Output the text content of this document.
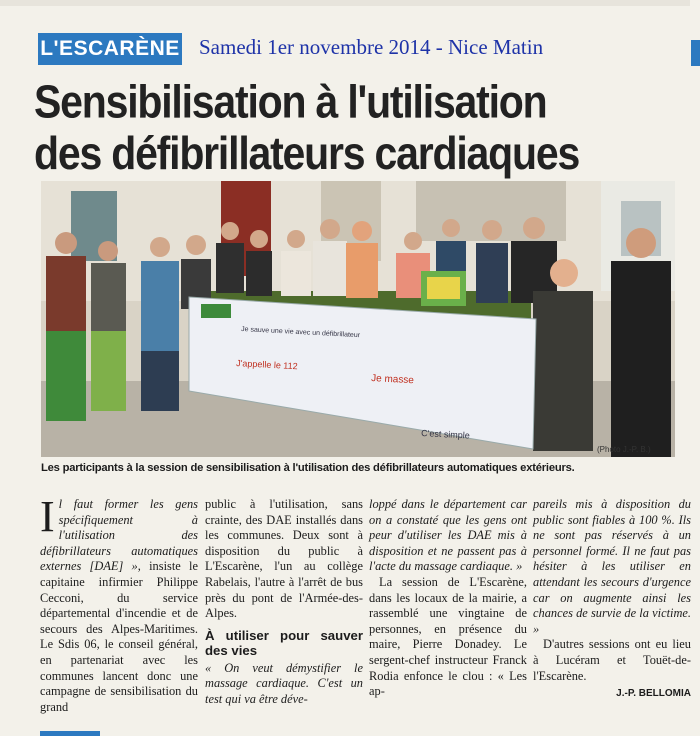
L'ESCARÈNE Samedi 1er novembre 2014 - Nice Matin
Sensibilisation à l'utilisation
des défibrillateurs cardiaques
Je sauve une vie avec un défibrillateur
J'appelle le 112
Je masse
C'est simple
(Photo J.-P. B.)
Les participants à la session de sensibilisation à l'utilisation des défibrillateurs automatiques extérieurs.

Il faut former les gens spécifiquement à l'utilisation des défibrillateurs automatiques externes [DAE] », insiste le capitaine infirmier Philippe Cecconi, du service départemental d'incendie et de secours des Alpes-Maritimes. Le Sdis 06, le conseil général, en partenariat avec les communes lancent donc une campagne de sensibilisation du grand

public à l'utilisation, sans crainte, des DAE installés dans les communes. Deux sont à disposition du public à L'Escarène, l'un au collège Rabelais, l'autre à l'arrêt de bus près du pont de l'Armée-des-Alpes.

À utiliser pour sauver des vies

« On veut démystifier le massage cardiaque. C'est un test qui va être déve-

loppé dans le département car on a constaté que les gens ont peur d'utiliser les DAE mis à disposition et ne passent pas à l'acte du massage cardiaque. »

La session de L'Escarène, dans les locaux de la mairie, a rassemblé une vingtaine de personnes, en présence du maire, Pierre Donadey. Le sergent-chef instructeur Franck Rodia enfonce le clou : « Les ap-

pareils mis à disposition du public sont fiables à 100 %. Ils ne sont pas réservés à un personnel formé. Il ne faut pas hésiter à les utiliser en attendant les secours d'urgence car on augmente ainsi les chances de survie de la victime. »

D'autres sessions ont eu lieu à Lucéram et Touët-de-l'Escarène.

J.-P. BELLOMIA
